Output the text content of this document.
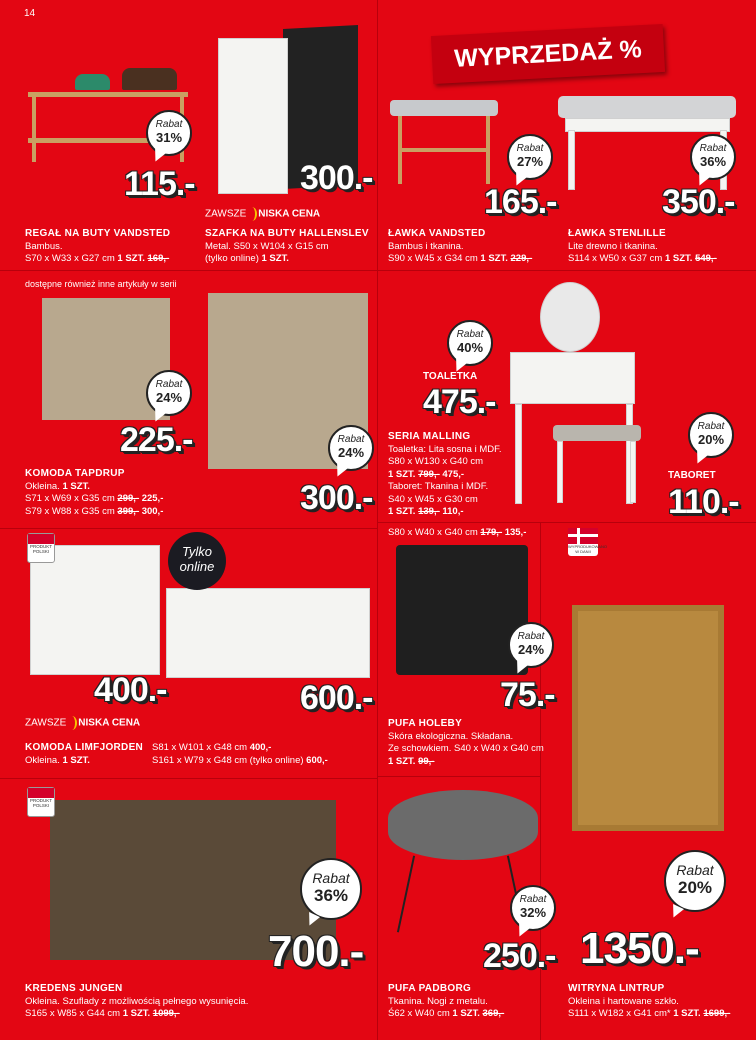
14
WYPRZEDAŻ %
Rabat
31%
Rabat
27%
Rabat
36%
Rabat
24%
Rabat
24%
Rabat
40%
Rabat
20%
Rabat
24%
Rabat
20%
Rabat
36%	Rabat
32%
115.-	300.-
165.-	350.-
225.-
300.-
TOALETKA
475.-
TABORET
110.-
400.-	600.-	75.-
1350.-
700.-	250.-
ZAWSZE NISKA CENA
ZAWSZE NISKA CENA
dostępne również inne artykuły w serii
PRODUKT POLSKI
PRODUKT POLSKI
Tylko
online
WYPRODUKOWANO W DANII
REGAŁ NA BUTY VANDSTED
Bambus.
S70 x W33 x G27 cm 1 SZT. 169,-
SZAFKA NA BUTY HALLENSLEV
Metal. S50 x W104 x G15 cm
(tylko online) 1 SZT.
ŁAWKA VANDSTED
Bambus i tkanina.
S90 x W45 x G34 cm 1 SZT. 229,-
ŁAWKA STENLILLE
Lite drewno i tkanina.
S114 x W50 x G37 cm 1 SZT. 549,-
KOMODA TAPDRUP
Okleina. 1 SZT.
S71 x W69 x G35 cm 299,- 225,-
S79 x W88 x G35 cm 399,- 300,-
SERIA MALLING
Toaletka: Lita sosna i MDF.
S80 x W130 x G40 cm
1 SZT. 799,- 475,-
Taboret: Tkanina i MDF.
S40 x W45 x G30 cm
1 SZT. 139,- 110,-
KOMODA LIMFJORDEN
Okleina. 1 SZT.
S81 x W101 x G48 cm 400,-
S161 x W79 x G48 cm (tylko online) 600,-
S80 x W40 x G40 cm 179,- 135,-
PUFA HOLEBY
Skóra ekologiczna. Składana.
Ze schowkiem. S40 x W40 x G40 cm
1 SZT. 99,-
WITRYNA LINTRUP
Okleina i hartowane szkło.
S111 x W182 x G41 cm* 1 SZT. 1699,-
KREDENS JUNGEN
Okleina. Szuflady z możliwością pełnego wysunięcia.
S165 x W85 x G44 cm 1 SZT. 1099,-
PUFA PADBORG
Tkanina. Nogi z metalu.
Ś62 x W40 cm 1 SZT. 369,-
